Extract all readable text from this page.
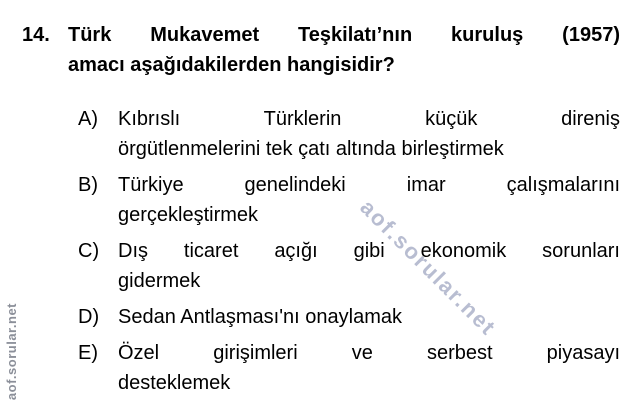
aof.sorular.net
aof.sorular.net
14. Türk Mukavemet Teşkilatı’nın kuruluş (1957)
amacı aşağıdakilerden hangisidir?
A)	Kıbrıslı Türklerin küçük direniş
örgütlenmelerini tek çatı altında birleştirmek
B)	Türkiye genelindeki imar çalışmalarını
gerçekleştirmek
C) Dış ticaret açığı gibi ekonomik sorunları
gidermek
D) Sedan Antlaşması'nı onaylamak
E)	Özel girişimleri ve serbest piyasayı
desteklemek
